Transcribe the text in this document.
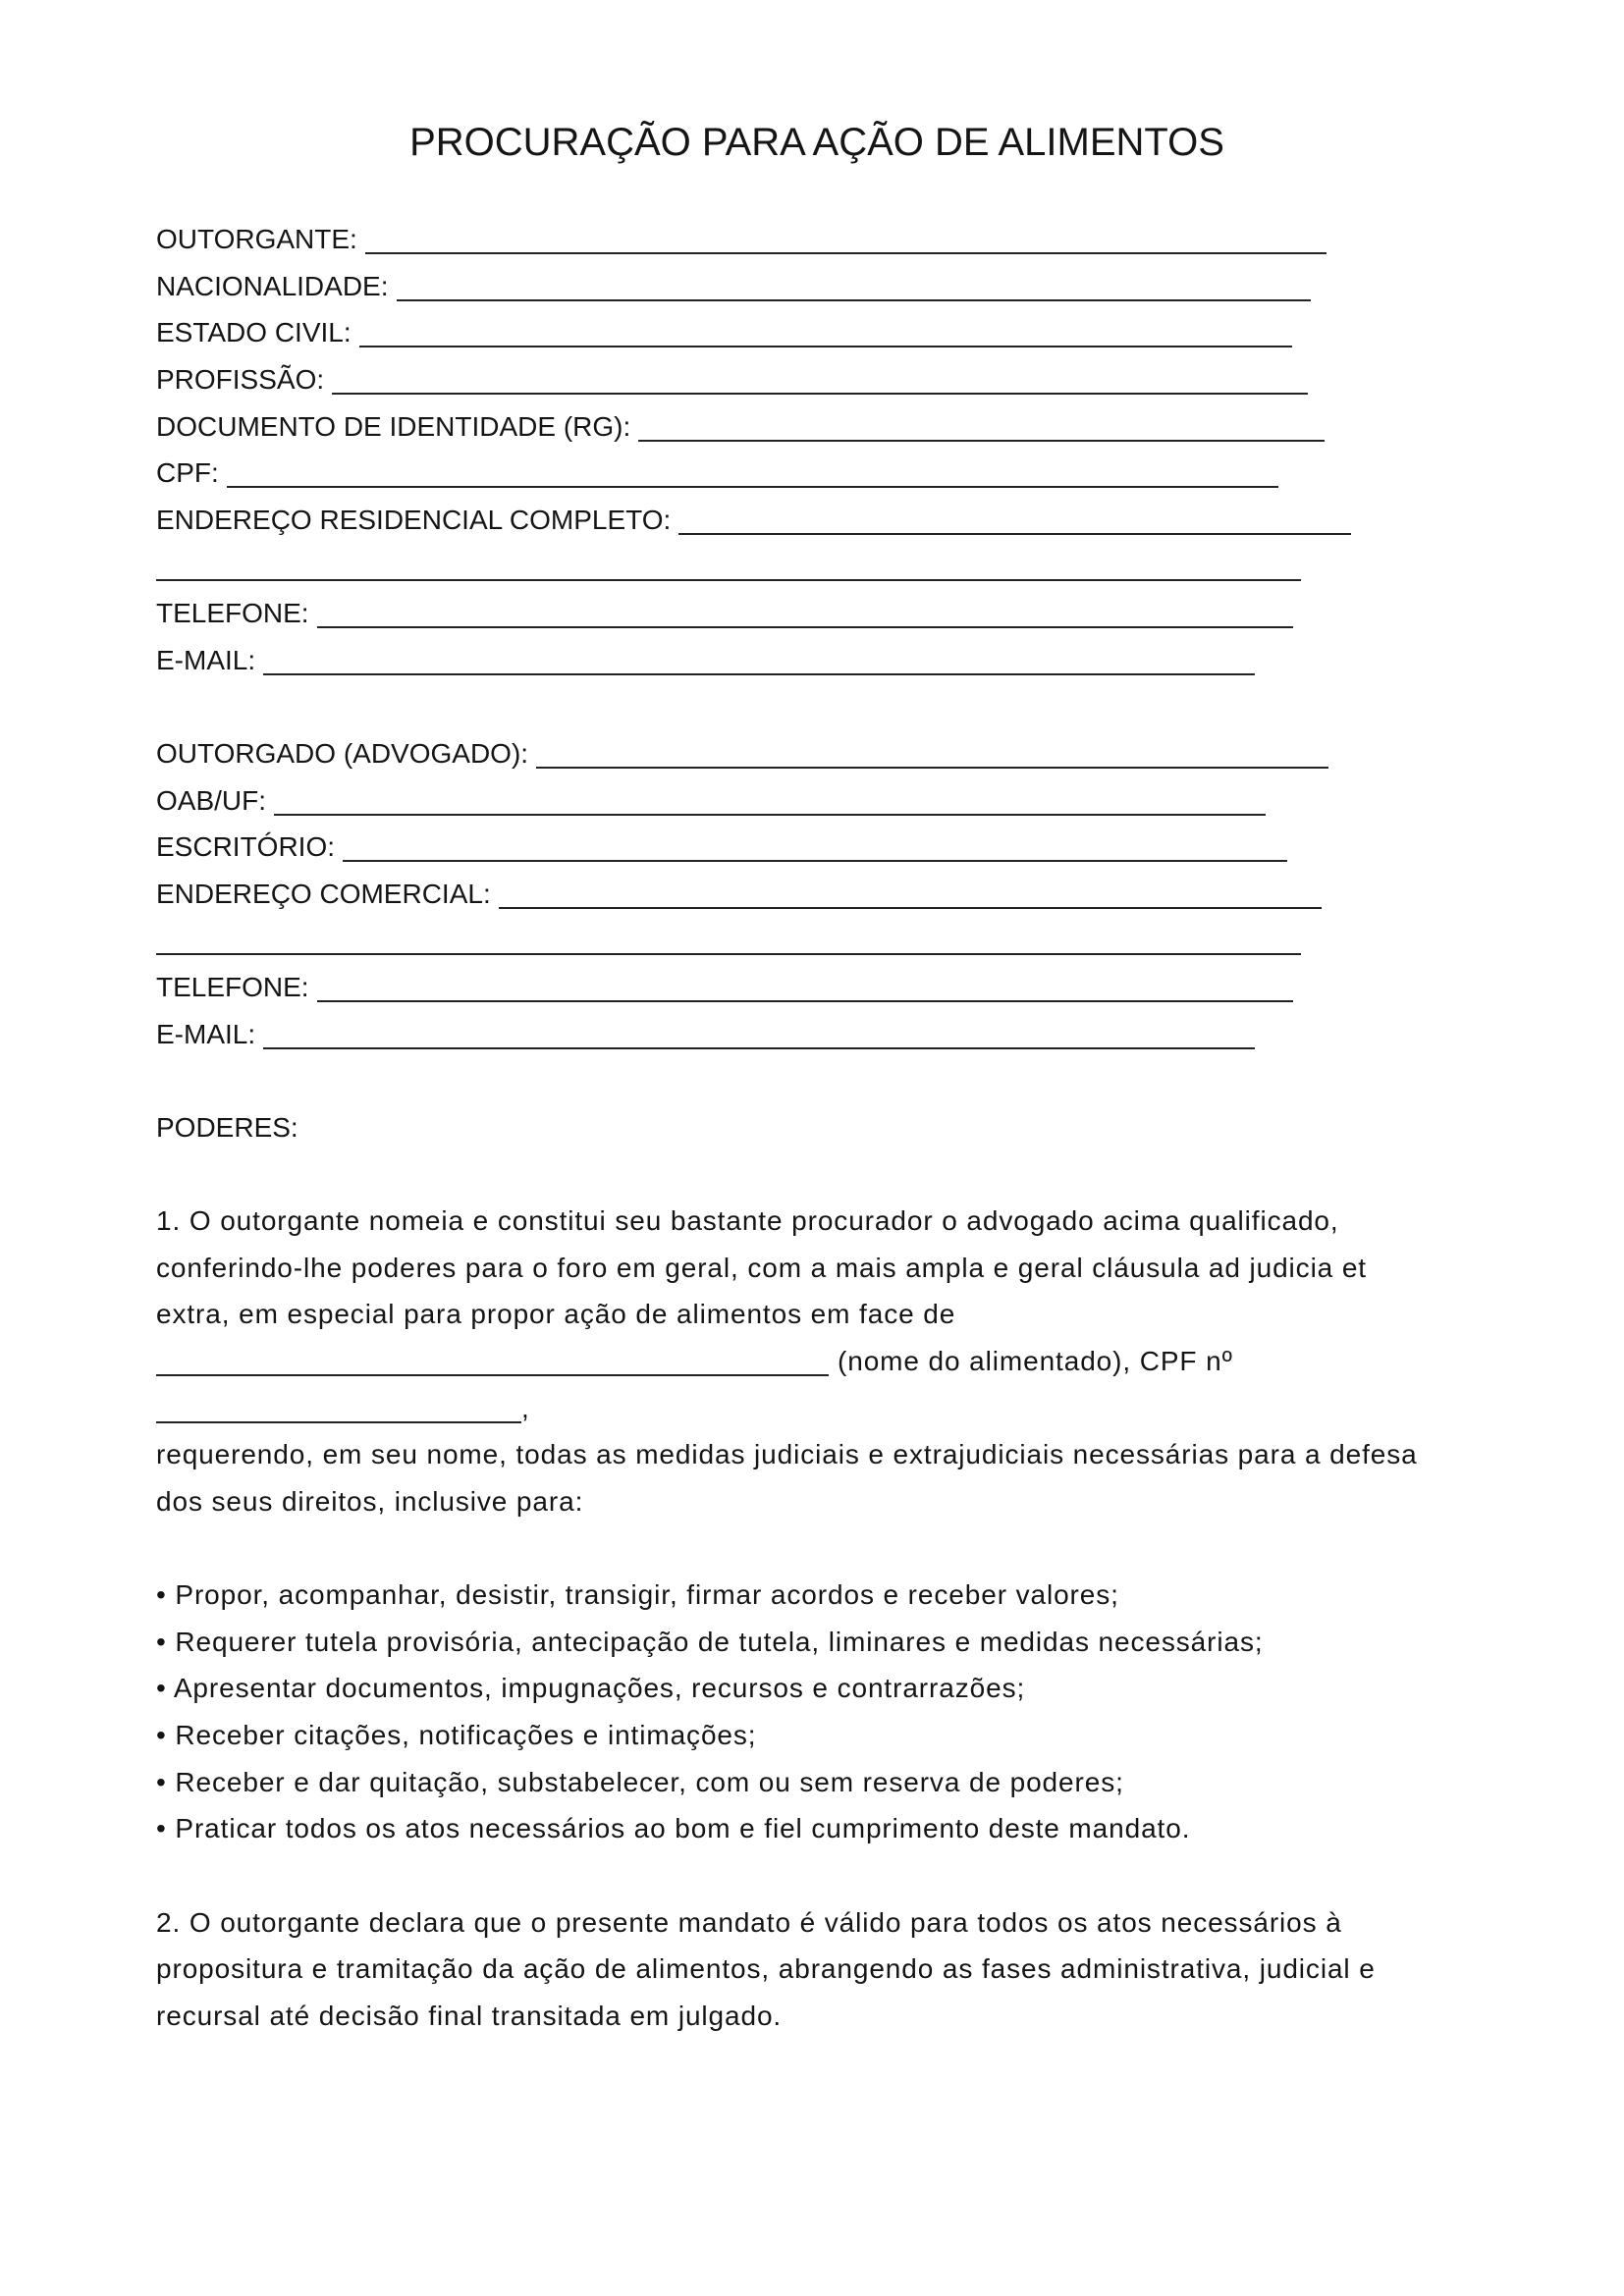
PROCURAÇÃO PARA AÇÃO DE ALIMENTOS
OUTORGANTE:
NACIONALIDADE:
ESTADO CIVIL:
PROFISSÃO:
DOCUMENTO DE IDENTIDADE (RG):
CPF:
ENDEREÇO RESIDENCIAL COMPLETO:
TELEFONE:
E-MAIL:
OUTORGADO (ADVOGADO):
OAB/UF:
ESCRITÓRIO:
ENDEREÇO COMERCIAL:
TELEFONE:
E-MAIL:
PODERES:
1. O outorgante nomeia e constitui seu bastante procurador o advogado acima qualificado,
conferindo-lhe poderes para o foro em geral, com a mais ampla e geral cláusula ad judicia et
extra, em especial para propor ação de alimentos em face de
(nome do alimentado), CPF nº
,
requerendo, em seu nome, todas as medidas judiciais e extrajudiciais necessárias para a defesa
dos seus direitos, inclusive para:
• Propor, acompanhar, desistir, transigir, firmar acordos e receber valores;
• Requerer tutela provisória, antecipação de tutela, liminares e medidas necessárias;
• Apresentar documentos, impugnações, recursos e contrarrazões;
• Receber citações, notificações e intimações;
• Receber e dar quitação, substabelecer, com ou sem reserva de poderes;
• Praticar todos os atos necessários ao bom e fiel cumprimento deste mandato.
2. O outorgante declara que o presente mandato é válido para todos os atos necessários à
propositura e tramitação da ação de alimentos, abrangendo as fases administrativa, judicial e
recursal até decisão final transitada em julgado.
